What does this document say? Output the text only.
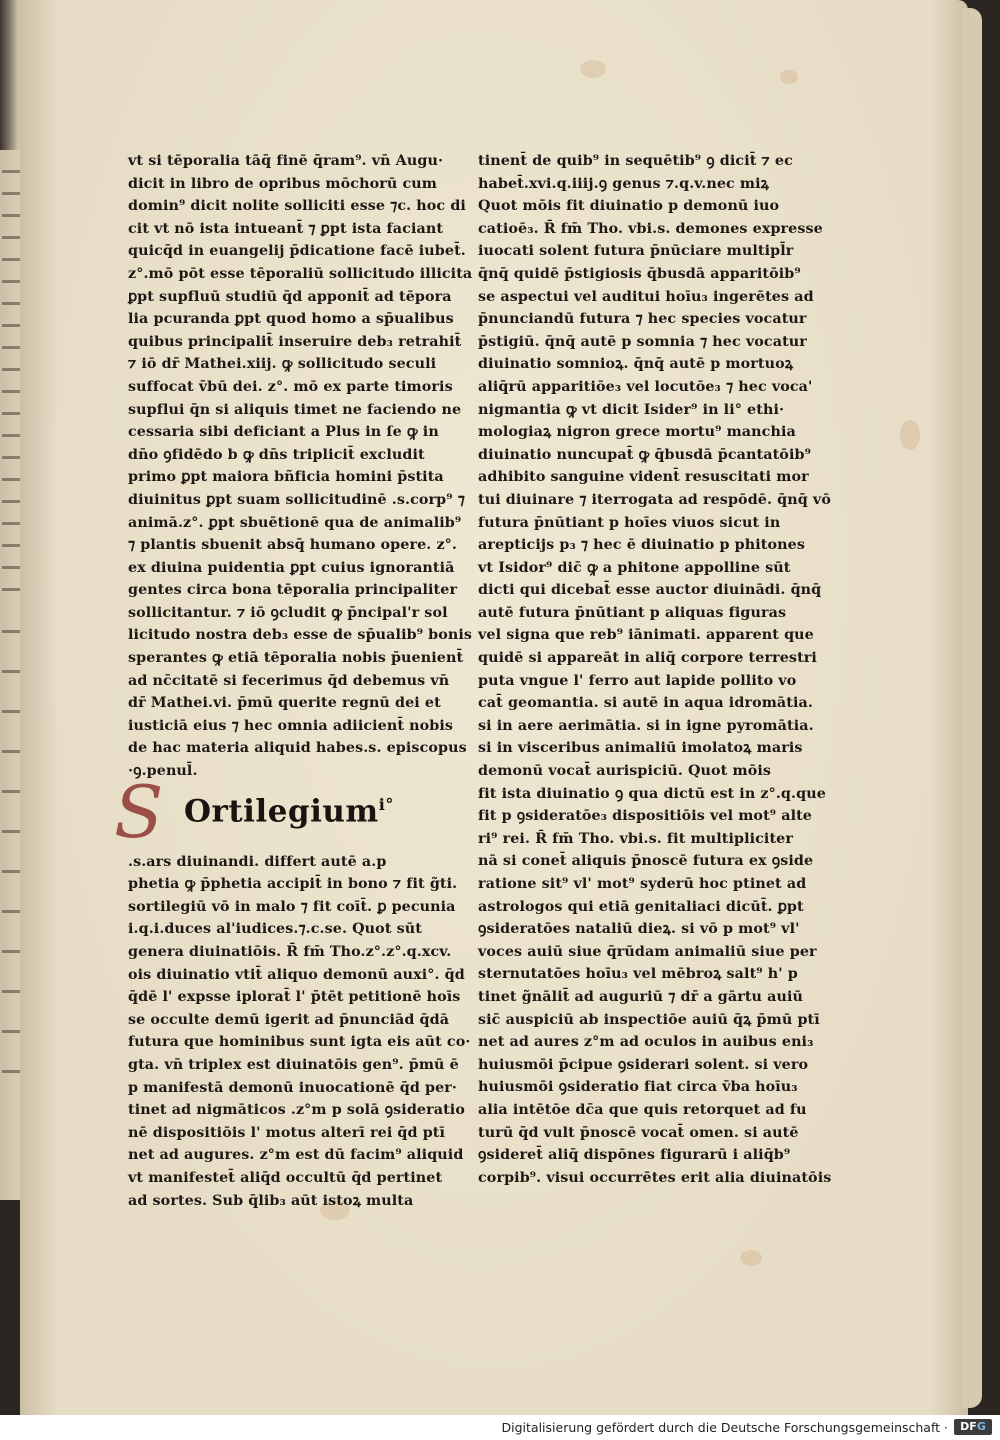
vt si tēporalia tāq̄ finē q̄ram⁹. vn̄ Augu·
dicit in libro de opribus mōchorū cum
domin⁹ dicit nolite solliciti esse ⁊c. hoc di
cit vt nō ista intueant̄ ⁊ ꝑpt ista faciant
quicq̄d in euangelij p̄dicatione facē iubet̄.
z°.mō pōt esse tēporaliū sollicitudo illicita
ꝑpt supfluū studiū q̄d apponit̄ ad tēpora
lia pcuranda ꝑpt quod homo a sp̄ualibus
quibus principalit̄ inseruire deb₃ retrahit̄
⁊ iō dr̄ Mathei.xiij. ꝙ sollicitudo seculi
suffocat v̄bū dei. z°. mō ex parte timoris
supflui q̄n si aliquis timet ne faciendo ne
cessaria sibi deficiant a Plus in ſe ꝙ in
dn̄o ꝯfidēdo b ꝙ dn̄s triplicit̄ excludit
primo ꝑpt maiora bñficia homini p̄stita
diuinitus ꝑpt suam sollicitudinē .s.corp⁹ ⁊
animā.z°. ꝑpt sbuētionē qua de animalib⁹
⁊ plantis sbuenit absq̄ humano opere. z°.
ex diuina puidentia ꝑpt cuius ignorantiā
gentes circa bona tēporalia principaliter
sollicitantur. ⁊ iō ꝯcludit ꝙ p̄ncipal'r sol
licitudo nostra deb₃ esse de sp̄ualib⁹ bonis
sperantes ꝙ etiā tēporalia nobis p̄uenient̄
ad nc̄citatē si fecerimus q̄d debemus vn̄
dr̄ Mathei.vi. p̄mū querite regnū dei et
iusticiā eius ⁊ hec omnia adiicient̄ nobis
de hac materia aliquid habes.s. episcopus
·ꝯ.penul̄.
S Ortilegium$^{i^\circ}$
.s.ars diuinandi. differt autē a.p
phetia ꝙ p̄phetia accipit̄ in bono ⁊ fit g̃ti.
sortilegiū vō in malo ⁊ fit coīt̄. ꝑ pecunia
i.q.i.duces al'iudices.⁊.c.se. Quot sūt
genera diuinatiōis. R̄ fm̄ Tho.z°.z°.q.xcv.
ois diuinatio vtit̄ aliquo demonū auxi°. q̄d
q̄dē l' expsse iplorat̄ l' p̄tēt petitionē hoīs
se occulte demū igerit ad p̄nunciād q̄dā
futura que hominibus sunt igta eis aūt co·
gta. vn̄ triplex est diuinatōis gen⁹. p̄mū ē
p manifestā demonū inuocationē q̄d per·
tinet ad nigmāticos .z°m p solā ꝯsideratio
nē dispositiōis l' motus alterī rei q̄d ptī
net ad augures. z°m est dū facim⁹ aliquid
vt manifestet̄ aliq̄d occultū q̄d pertinet
ad sortes. Sub q̄lib₃ aūt istoꝝ multa
tinent̄ de quib⁹ in sequētib⁹ ꝯ dicit̄ ⁊ ec
habet̄.xvi.q.iiij.ꝯ genus ⁊.q.v.nec miꝝ
Quot mōis fit diuinatio p demonū iuo
catioē₃. R̄ fm̄ Tho. vbi.s. demones expresse
iuocati solent futura p̄nūciare multipl̄r
q̄nq̄ quidē p̄stigiosis q̄busdā apparitōib⁹
se aspectui vel auditui hoīu₃ ingerētes ad
p̄nunciandū futura ⁊ hec species vocatur
p̄stigiū. q̄nq̄ autē p somnia ⁊ hec vocatur
diuinatio somnioꝝ. q̄nq̄ autē p mortuoꝝ
aliq̄rū apparitiōe₃ vel locutōe₃ ⁊ hec voca'
nigmantia ꝙ vt dicit Isider⁹ in li° ethi·
mologiaꝝ nigron grece mortu⁹ manchia
diuinatio nuncupat̄ ꝙ q̄busdā p̄cantatōib⁹
adhibito sanguine vident̄ resuscitati mor
tui diuinare ⁊ iterrogata ad respōdē. q̄nq̄ vō
futura p̄nūtiant p hoīes viuos sicut in
arepticijs p₃ ⁊ hec ē diuinatio p phitones
vt Isidor⁹ dic̄ ꝙ a phitone appolline sūt
dicti qui dicebat̄ esse auctor diuinādi. q̄nq̄
autē futura p̄nūtiant p aliquas figuras
vel signa que reb⁹ iānimati. apparent que
quidē si appareāt in aliq̄ corpore terrestri
puta vngue l' ferro aut lapide pollito vo
cat̄ geomantia. si autē in aqua idromātia.
si in aere aerimātia. si in igne pyromātia.
si in visceribus animaliū imolatoꝝ maris
demonū vocat̄ aurispiciū. Quot mōis
fit ista diuinatio ꝯ qua dictū est in z°.q.que
fit p ꝯsideratōe₃ dispositiōis vel mot⁹ alte
ri⁹ rei. R̄ fm̄ Tho. vbi.s. fit multipliciter
nā si conet̄ aliquis p̄noscē futura ex ꝯside
ratione sit⁹ vl' mot⁹ syderū hoc ptinet ad
astrologos qui etiā genitaliaci dicūt̄. ꝑpt
ꝯsideratōes nataliū dieꝝ. si vō p mot⁹ vl'
voces auiū siue q̄rūdam animaliū siue per
sternutatōes hoīu₃ vel mēbroꝝ salt⁹ h' p
tinet g̃nālit̄ ad auguriū ⁊ dr̄ a gārtu auiū
sic̄ auspiciū ab inspectiōe auiū q̄ꝝ p̄mū ptī
net ad aures z°m ad oculos in auibus eni₃
huiusmōi p̄cipue ꝯsiderari solent. si vero
huiusmōi ꝯsideratio fiat circa v̄ba hoīu₃
alia intētōe dc̄a que quis retorquet ad fu
turū q̄d vult p̄noscē vocat̄ omen. si autē
ꝯsideret̄ aliq̄ dispōnes figurarū i aliq̄b⁹
corpib⁹. visui occurrētes erit alia diuinatōis
Digitalisierung gefördert durch die Deutsche Forschungsgemeinschaft ·	DFG
